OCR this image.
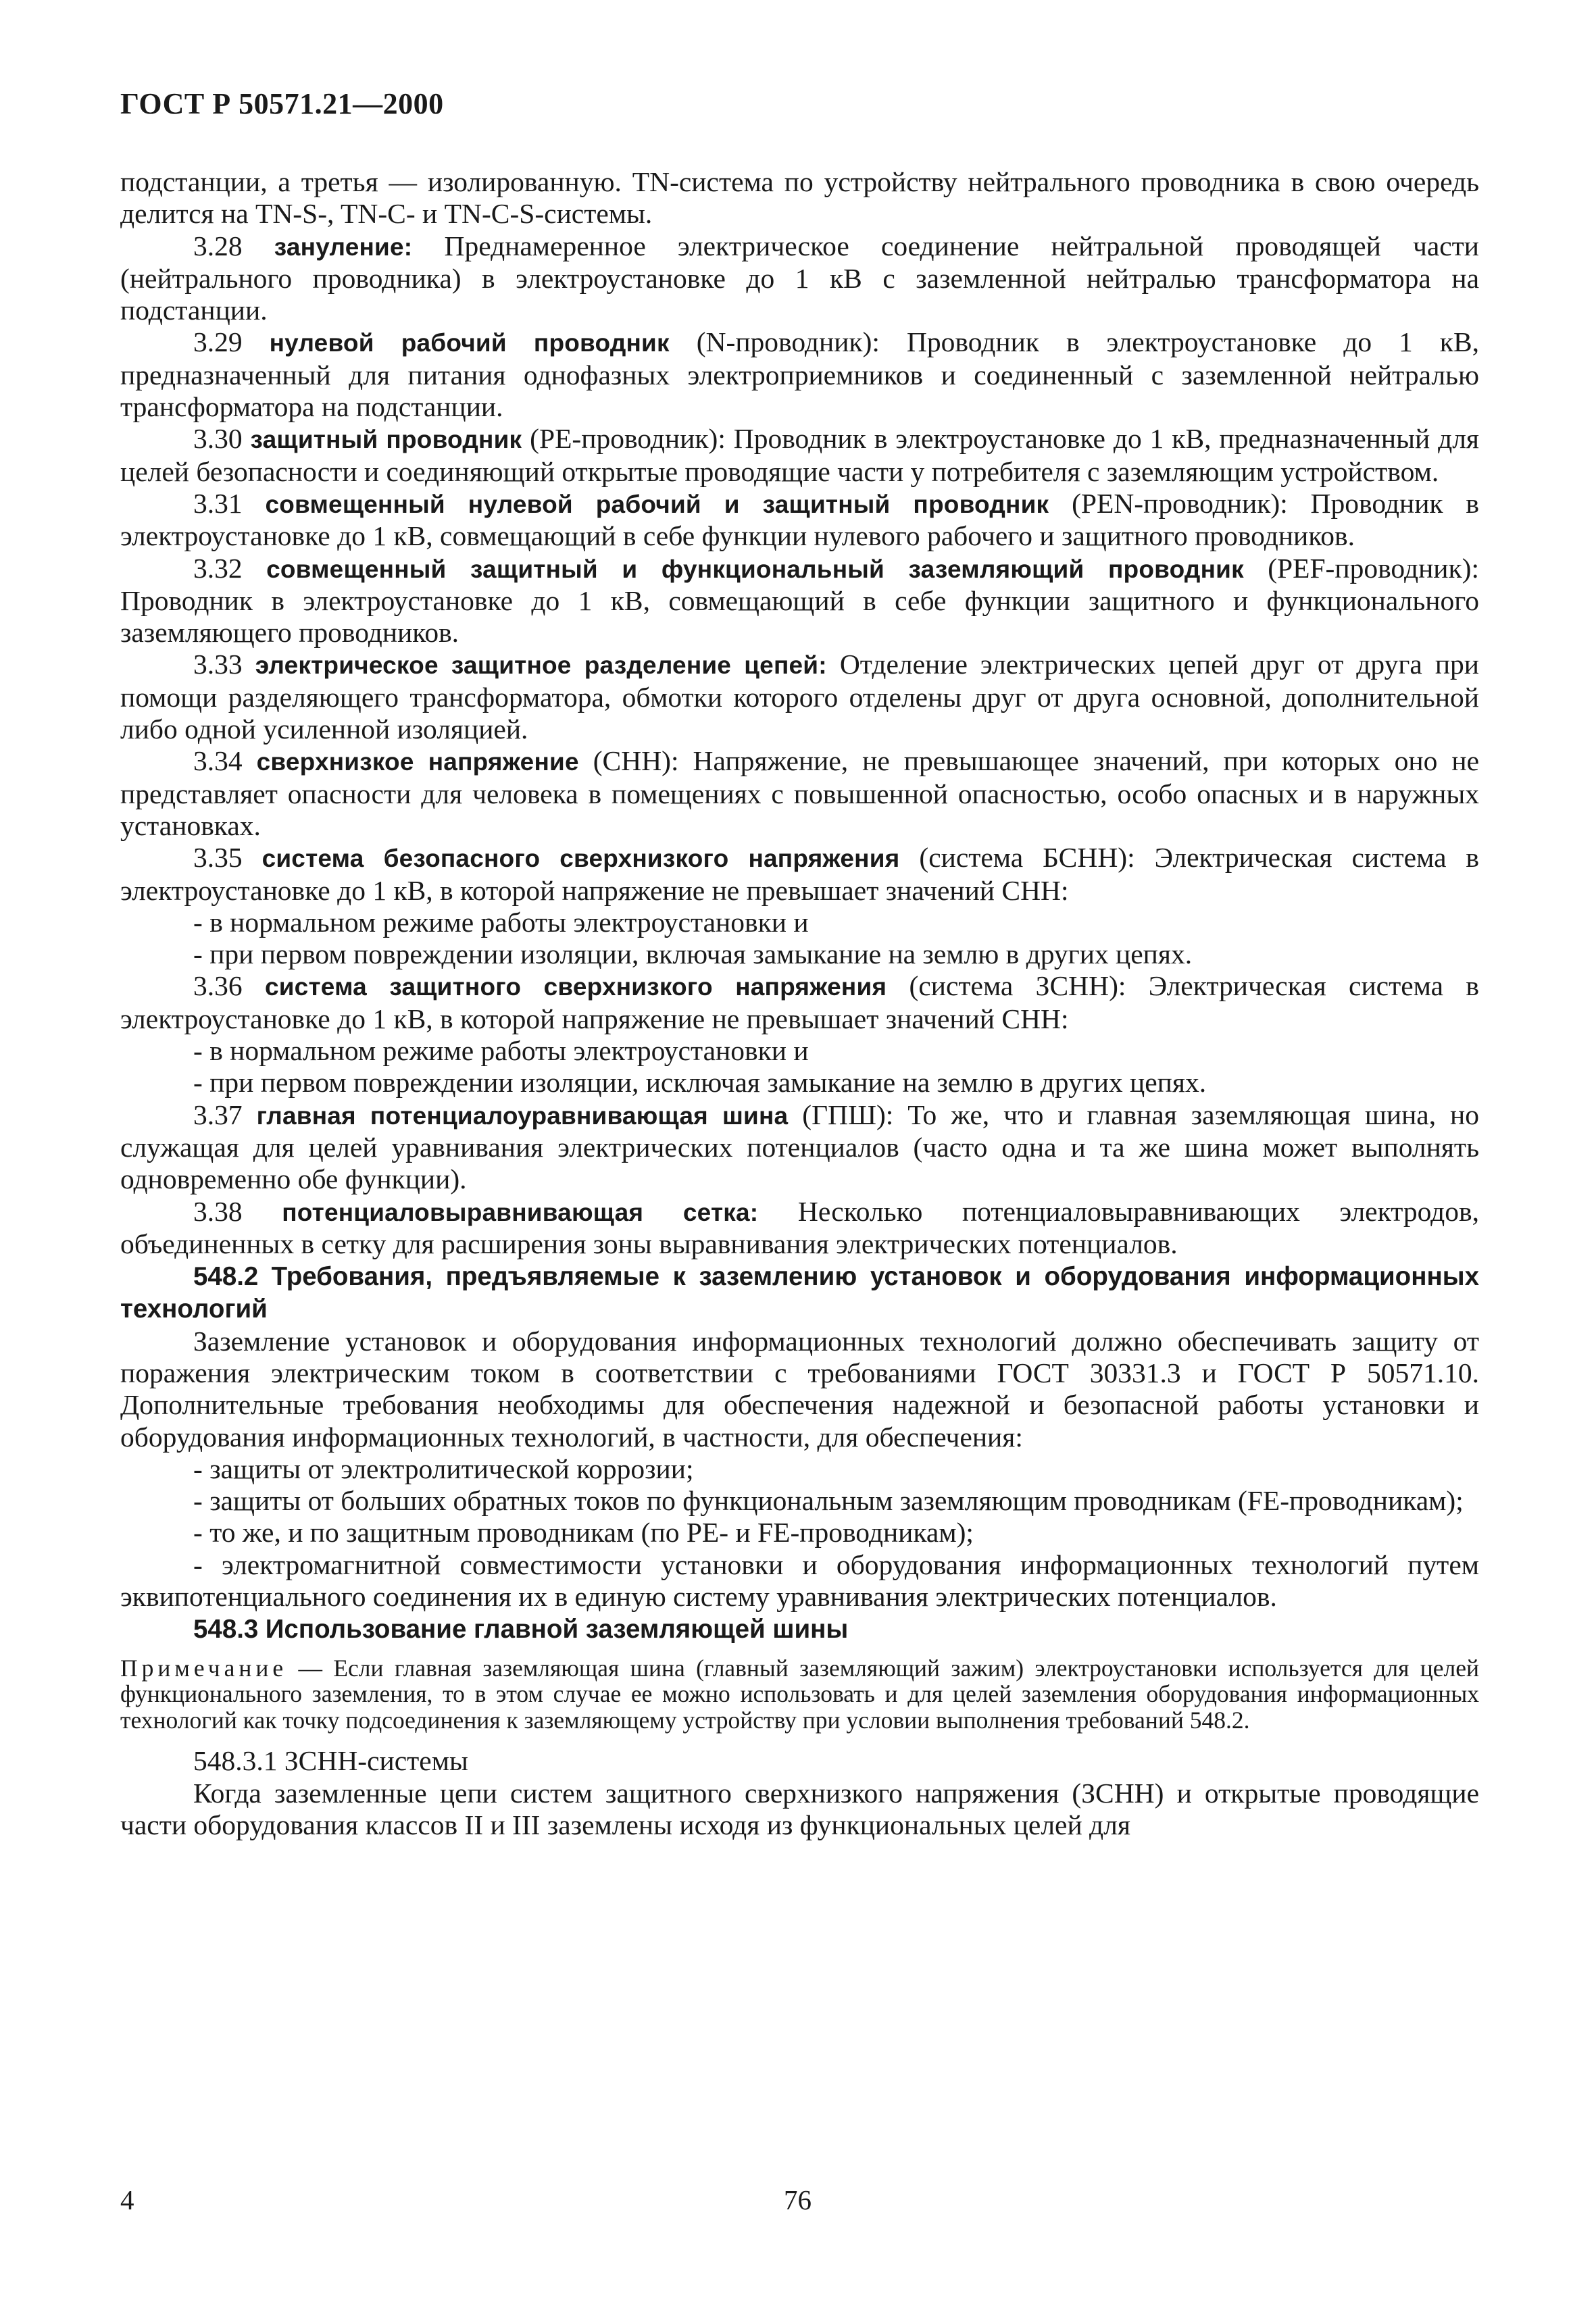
ГОСТ Р 50571.21—2000

подстанции, а третья — изолированную. TN-система по устройству нейтрального проводника в свою очередь делится на TN-S-, TN-C- и TN-C-S-системы.

3.28 зануление: Преднамеренное электрическое соединение нейтральной проводящей части (нейтрального проводника) в электроустановке до 1 кВ с заземленной нейтралью трансформатора на подстанции.

3.29 нулевой рабочий проводник (N-проводник): Проводник в электроустановке до 1 кВ, предназначенный для питания однофазных электроприемников и соединенный с заземленной нейтралью трансформатора на подстанции.

3.30 защитный проводник (PE-проводник): Проводник в электроустановке до 1 кВ, предназначенный для целей безопасности и соединяющий открытые проводящие части у потребителя с заземляющим устройством.

3.31 совмещенный нулевой рабочий и защитный проводник (PEN-проводник): Проводник в электроустановке до 1 кВ, совмещающий в себе функции нулевого рабочего и защитного проводников.

3.32 совмещенный защитный и функциональный заземляющий проводник (PEF-проводник): Проводник в электроустановке до 1 кВ, совмещающий в себе функции защитного и функционального заземляющего проводников.

3.33 электрическое защитное разделение цепей: Отделение электрических цепей друг от друга при помощи разделяющего трансформатора, обмотки которого отделены друг от друга основной, дополнительной либо одной усиленной изоляцией.

3.34 сверхнизкое напряжение (СНН): Напряжение, не превышающее значений, при которых оно не представляет опасности для человека в помещениях с повышенной опасностью, особо опасных и в наружных установках.

3.35 система безопасного сверхнизкого напряжения (система БСНН): Электрическая система в электроустановке до 1 кВ, в которой напряжение не превышает значений СНН:

- в нормальном режиме работы электроустановки и

- при первом повреждении изоляции, включая замыкание на землю в других цепях.

3.36 система защитного сверхнизкого напряжения (система ЗСНН): Электрическая система в электроустановке до 1 кВ, в которой напряжение не превышает значений СНН:

- в нормальном режиме работы электроустановки и

- при первом повреждении изоляции, исключая замыкание на землю в других цепях.

3.37 главная потенциалоуравнивающая шина (ГПШ): То же, что и главная заземляющая шина, но служащая для целей уравнивания электрических потенциалов (часто одна и та же шина может выполнять одновременно обе функции).

3.38 потенциаловыравнивающая сетка: Несколько потенциаловыравнивающих электродов, объединенных в сетку для расширения зоны выравнивания электрических потенциалов.

548.2 Требования, предъявляемые к заземлению установок и оборудования информационных технологий

Заземление установок и оборудования информационных технологий должно обеспечивать защиту от поражения электрическим током в соответствии с требованиями ГОСТ 30331.3 и ГОСТ Р 50571.10. Дополнительные требования необходимы для обеспечения надежной и безопасной работы установки и оборудования информационных технологий, в частности, для обеспечения:

- защиты от электролитической коррозии;

- защиты от больших обратных токов по функциональным заземляющим проводникам (FE-проводникам);

- то же, и по защитным проводникам (по PE- и FE-проводникам);

- электромагнитной совместимости установки и оборудования информационных технологий путем эквипотенциального соединения их в единую систему уравнивания электрических потенциалов.

548.3 Использование главной заземляющей шины

Примечание — Если главная заземляющая шина (главный заземляющий зажим) электроустановки используется для целей функционального заземления, то в этом случае ее можно использовать и для целей заземления оборудования информационных технологий как точку подсоединения к заземляющему устройству при условии выполнения требований 548.2.

548.3.1 ЗСНН-системы

Когда заземленные цепи систем защитного сверхнизкого напряжения (ЗСНН) и открытые проводящие части оборудования классов II и III заземлены исходя из функциональных целей для

4	76
